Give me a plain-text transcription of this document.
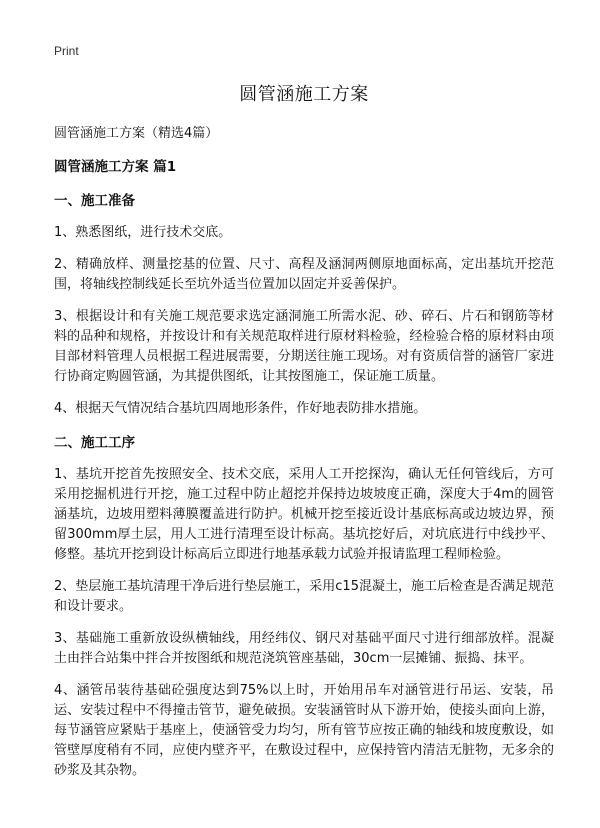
Print
圆管涵施工方案
圆管涵施工方案（精选4篇）
圆管涵施工方案 篇1
一、施工准备
1、熟悉图纸，进行技术交底。
2、精确放样、测量挖基的位置、尺寸、高程及涵洞两侧原地面标高，定出基坑开挖范围，将轴线控制线延长至坑外适当位置加以固定并妥善保护。
3、根据设计和有关施工规范要求选定涵洞施工所需水泥、砂、碎石、片石和钢筋等材料的品种和规格，并按设计和有关规范取样进行原材料检验，经检验合格的原材料由项目部材料管理人员根据工程进展需要，分期送往施工现场。对有资质信誉的涵管厂家进行协商定购圆管涵，为其提供图纸，让其按图施工，保证施工质量。
4、根据天气情况结合基坑四周地形条件，作好地表防排水措施。
二、施工工序
1、基坑开挖首先按照安全、技术交底，采用人工开挖探沟，确认无任何管线后，方可采用挖掘机进行开挖，施工过程中防止超挖并保持边坡坡度正确，深度大于4m的圆管涵基坑，边坡用塑料薄膜覆盖进行防护。机械开挖至接近设计基底标高或边坡边界，预留300mm厚土层，用人工进行清理至设计标高。基坑挖好后，对坑底进行中线抄平、修整。基坑开挖到设计标高后立即进行地基承载力试验并报请监理工程师检验。
2、垫层施工基坑清理干净后进行垫层施工，采用c15混凝土，施工后检查是否满足规范和设计要求。
3、基础施工重新放设纵横轴线，用经纬仪、钢尺对基础平面尺寸进行细部放样。混凝土由拌合站集中拌合并按图纸和规范浇筑管座基础，30cm一层摊铺、振捣、抹平。
4、涵管吊装待基础砼强度达到75%以上时，开始用吊车对涵管进行吊运、安装，吊运、安装过程中不得撞击管节，避免破损。安装涵管时从下游开始，使接头面向上游，每节涵管应紧贴于基座上，使涵管受力均匀，所有管节应按正确的轴线和坡度敷设，如管壁厚度稍有不同，应使内壁齐平，在敷设过程中，应保持管内清洁无脏物，无多余的砂浆及其杂物。
